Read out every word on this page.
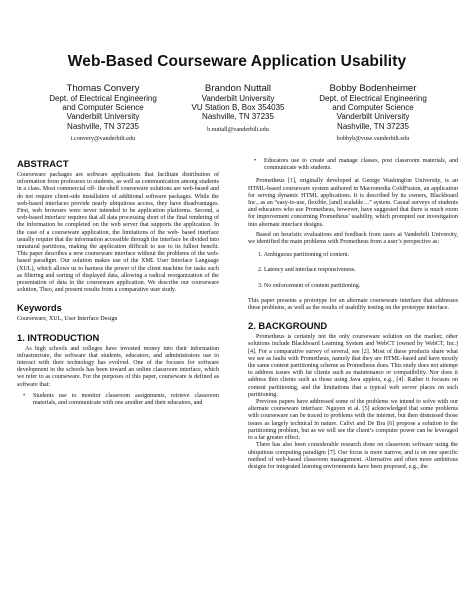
Web-Based Courseware Application Usability
Thomas Convery
Dept. of Electrical Engineering
and Computer Science
Vanderbilt University
Nashville, TN 37235
t.convery@vanderbilt.edu
Brandon Nuttall
Vanderbilt University
VU Station B, Box 354035
Nashville, TN 37235
b.nuttall@vanderbilt.edu
Bobby Bodenheimer
Dept. of Electrical Engineering
and Computer Science
Vanderbilt University
Nashville, TN 37235
bobbyb@vuse.vanderbilt.edu
ABSTRACT

Courseware packages are software applications that facilitate distribution of information from professors to students, as well as communication among students in a class. Most commercial off- the-shelf courseware solutions are web-based and do not require client-side installation of additional software packages. While the web-based interfaces provide nearly ubiquitous access, they have disadvantages. First, web browsers were never intended to be application platforms. Second, a web-based interface requires that all data processing short of the final rendering of the information be completed on the web server that supports the application. In the case of a courseware application, the limitations of the web- based interface usually require that the information accessible through the interface be divided into unnatural partitions, making the application difficult to use to its fullest benefit. This paper describes a new courseware interface without the problems of the web-based paradigm. Our solution makes use of the XML User Interface Language (XUL), which allows us to harness the power of the client machine for tasks such as filtering and sorting of displayed data, allowing a radical reorganization of the presentation of data in the courseware application. We describe our courseware solution, Theo, and present results from a comparative user study.

Keywords

Courseware, XUL, User Interface Design

1. INTRODUCTION

As high schools and colleges have invested money into their information infrastructure, the software that students, educators, and administrators use to interact with their technology has evolved. One of the focuses for software development in the schools has been toward an online classroom interface, which we refer to as courseware. For the purposes of this paper, courseware is defined as software that:

• Students use to monitor classroom assignments, retrieve classroom materials, and communicate with one another and their educators, and
• Educators use to create and manage classes, post classroom materials, and communicate with students.

Prometheus [1], originally developed at George Washington University, is an HTML-based courseware system authored in Macromedia ColdFusion, an application for serving dynamic HTML applications. It is described by its owners, Blackboard Inc., as an “easy-to-use, flexible, [and] scalable…” system. Casual surveys of students and educators who use Prometheus, however, have suggested that there is much room for improvement concerning Prometheus’ usability, which prompted our investigation into alternate interface designs.

Based on heuristic evaluations and feedback from users at Vanderbilt University, we identified the main problems with Prometheus from a user’s perspective as:

1. Ambiguous partitioning of content.
2. Latency and interface responsiveness.
3. No enforcement of content partitioning.

This paper presents a prototype for an alternate courseware interface that addresses these problems, as well as the results of usability testing on the prototype interface.

2. BACKGROUND

Prometheus is certainly not the only courseware solution on the market; other solutions include Blackboard Learning System and WebCT (owned by WebCT, Inc.) [4]. For a comparative survey of several, see [2]. Most of these products share what we see as faults with Prometheus, namely that they are HTML-based and have mostly the same content partitioning scheme as Prometheus does. This study does not attempt to address issues with fat clients such as maintenance or compatibility. Nor does it address thin clients such as those using Java applets, e.g., [4]. Rather it focuses on content partitioning, and the limitations that a typical web server places on such partitioning.

Previous papers have addressed some of the problems we intend to solve with our alternate courseware interface: Nguyen et al. [5] acknowledged that some problems with courseware can be traced to problems with the internet, but then dismissed those issues as largely technical in nature. Calivi and De Bra [6] propose a solution to the partitioning problem, but as we will see the client’s computer power can be leveraged to a far greater effect.

There has also been considerable research done on classroom software using the ubiquitous computing paradigm [7]. Our focus is more narrow, and is on one specific method of web-based classroom management. Alternative and often more ambitious designs for integrated learning environments have been proposed, e.g., the
